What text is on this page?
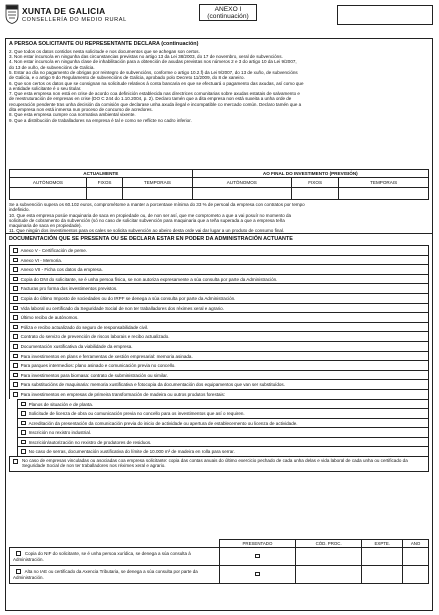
XUNTA DE GALICIA
CONSELLERÍA DO MEDIO RURAL
ANEXO I
(continuación)
A PERSOA SOLICITANTE OU REPRESENTANTE DECLARA (continuación)
2. Que todos os datos contidos nesta solicitude e nos documentos que se achegan son certos.
3. Non estar incurso/a en ningunha das circunstancias previstas no artigo 13 da Lei 38/2003, do 17 de novembro, xeral de subvencións.
4. Non estar incurso/a en ningunha clase de inhabilitación para a obtención de axudas previstas nos números 2 e 3 do artigo 10 da Lei 9/2007,
do 13 de xuño, de subvencións de Galicia.
5. Estar ao día no pagamento de obrigas por reintegro de subvencións, conforme o artigo 10.2.f) da Lei 9/2007, do 13 de xuño, de subvencións
de Galicia, e o artigo 9 do Regulamento de subvencións de Galicia, aprobado polo Decreto 11/2009, do 8 de xaneiro.
6. Que son certos os datos que se consignan na solicitude relativos á conta bancaria en que se efectuará o pagamento das axudas, así como que
a entidade solicitante é o seu titular.
7. Que esta empresa non está en crise de acordo coa definición establecida nas directrices comunitarias sobre axudas estatais de salvamento e
de reestruturación de empresas en crise (DO C 244 do 1.10.2004, p. 2). Declaro tamén que a dita empresa non está suxeita a unha orde de
recuperación pendente tras unha decisión da comisión que declarase unha axuda ilegal e incompatible co mercado común. Declaro tamén que a
dita empresa non está inmersa nun proceso de concurso de acredores.
8. Que esta empresa cumpre coa normativa ambiental vixente.
9. Que a distribución de traballadores na empresa é tal e como se reflicte no cadro inferior.
ACTUALMENTE			AO FINAL DO INVESTIMENTO (PREVISIÓN)		
AUTÓNOMOS	FIXOS	TEMPORAIS	AUTÓNOMOS	FIXOS	TEMPORAIS

Se a subvención supera os 60.102 euros, comprométome a manter a porcentaxe mínima do 33 % de persoal da empresa con contratos por tempo
indefinido.
10. Que esta empresa posúe maquinaria de saca en propiedade ou, de non ser así, que me comprometo a que a vai posuír no momento da
solicitude de cobramento da subvención (só no caso de solicitar subvención para maquinaria que a teña superada a que a empresa teña
maquinaria de saca en propiedade).
11. Que ningún dos investimentos para os cales se solicita subvención ao abeiro desta orde vai dar lugar a un produto de consumo final.
DOCUMENTACIÓN QUE SE PRESENTA OU SE DECLARA ESTAR EN PODER DA ADMINISTRACIÓN ACTUANTE
Anexo V - Certificación de peme.
Anexo VI - Memoria.
Anexo VII - Ficha cos datos da empresa.
Copia do DNI do solicitante, se é unha persoa física, se non autoriza expresamente a súa consulta por parte da Administración.
Facturas pro forma dos investimentos previstos.
Copia do último Imposto de sociedades ou do IRPF se denega a súa consulta por parte da Administración.
Vida laboral ou certificado da Seguridade Social de non ter traballadores dos réximes xeral e agrario.
Último recibo de autónomos.
Póliza e recibo actualizado do seguro de responsabilidade civil.
Contrato do servizo de prevención de riscos laborais e recibo actualizado.
Documentación xustificativa da viabilidade da empresa.
Para investimentos en plans e ferramentas de xestión empresarial: memoria asinada.
Para parques intermedios: plano asinado e comunicación previa no concello.
Para investimentos para biomasa: contrato de subministración ou similar.
Para substitucións de maquinaria: memoria xustificativa e fotocopia da documentación dos equipamentos que van ser substituídos.
Para investimentos en empresas de primeira transformación de madeira ou outros produtos forestais:
Planos de situación e de planta.
Solicitude de licenza de obra ou comunicación previa no concello para os investimentos que así o requiren.
Acreditación da presentación da comunicación previa do inicio de actividade ou apertura de establecemento ou licenza de actividade.
Inscrición no rexistro industrial.
Inscrición/autorización no rexistro de produtores de residuos.
No caso de serras, documentación xustificativa do límite de 10.000 m³ de madeira en rolla para serrar.
No caso de empresas vinculadas ou asociadas coa empresa solicitante: copia das contas anuais do último exercicio pechado de cada unha delas e vida laboral de cada unha ou certificado da Seguridade Social de non ter traballadores nos réximes xeral e agrario.
	PRESENTADO	CÓD. PROC.	EXPTE.	ANO
Copia do NIF do solicitante, se é unha persoa xurídica, se denega a súa consulta á Administración.				
Alta no IAE ou certificado da Axencia Tributaria, se denega a súa consulta por parte da Administración.				
